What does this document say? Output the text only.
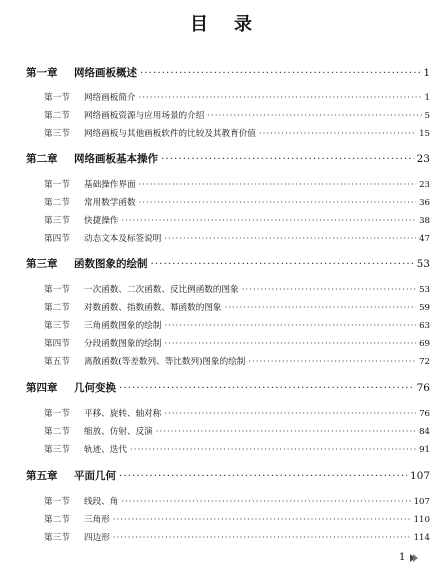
目录
第一章	网络画板概述 ·····	1
第一节	网络画板简介 ·····	1
第二节	网络画板资源与应用场景的介绍 ·····	5
第三节	网络画板与其他画板软件的比较及其教育价值 ·····	15
第二章	网络画板基本操作 ·····	23
第一节	基础操作界面 ·····	23
第二节	常用数学函数 ·····	36
第三节	快捷操作 ·····	38
第四节	动态文本及标签说明 ·····	47
第三章	函数图象的绘制 ·····	53
第一节	一次函数、二次函数、反比例函数的图象 ·····	53
第二节	对数函数、指数函数、幂函数的图象 ·····	59
第三节	三角函数图象的绘制 ·····	63
第四节	分段函数图象的绘制 ·····	69
第五节	离散函数(等差数列、等比数列)图象的绘制 ·····	72
第四章	几何变换 ·····	76
第一节	平移、旋转、轴对称 ·····	76
第二节	缩放、仿射、反演 ·····	84
第三节	轨迹、迭代 ·····	91
第五章	平面几何 ·····	107
第一节	线段、角 ·····	107
第二节	三角形 ·····	110
第三节	四边形 ·····	114
1
